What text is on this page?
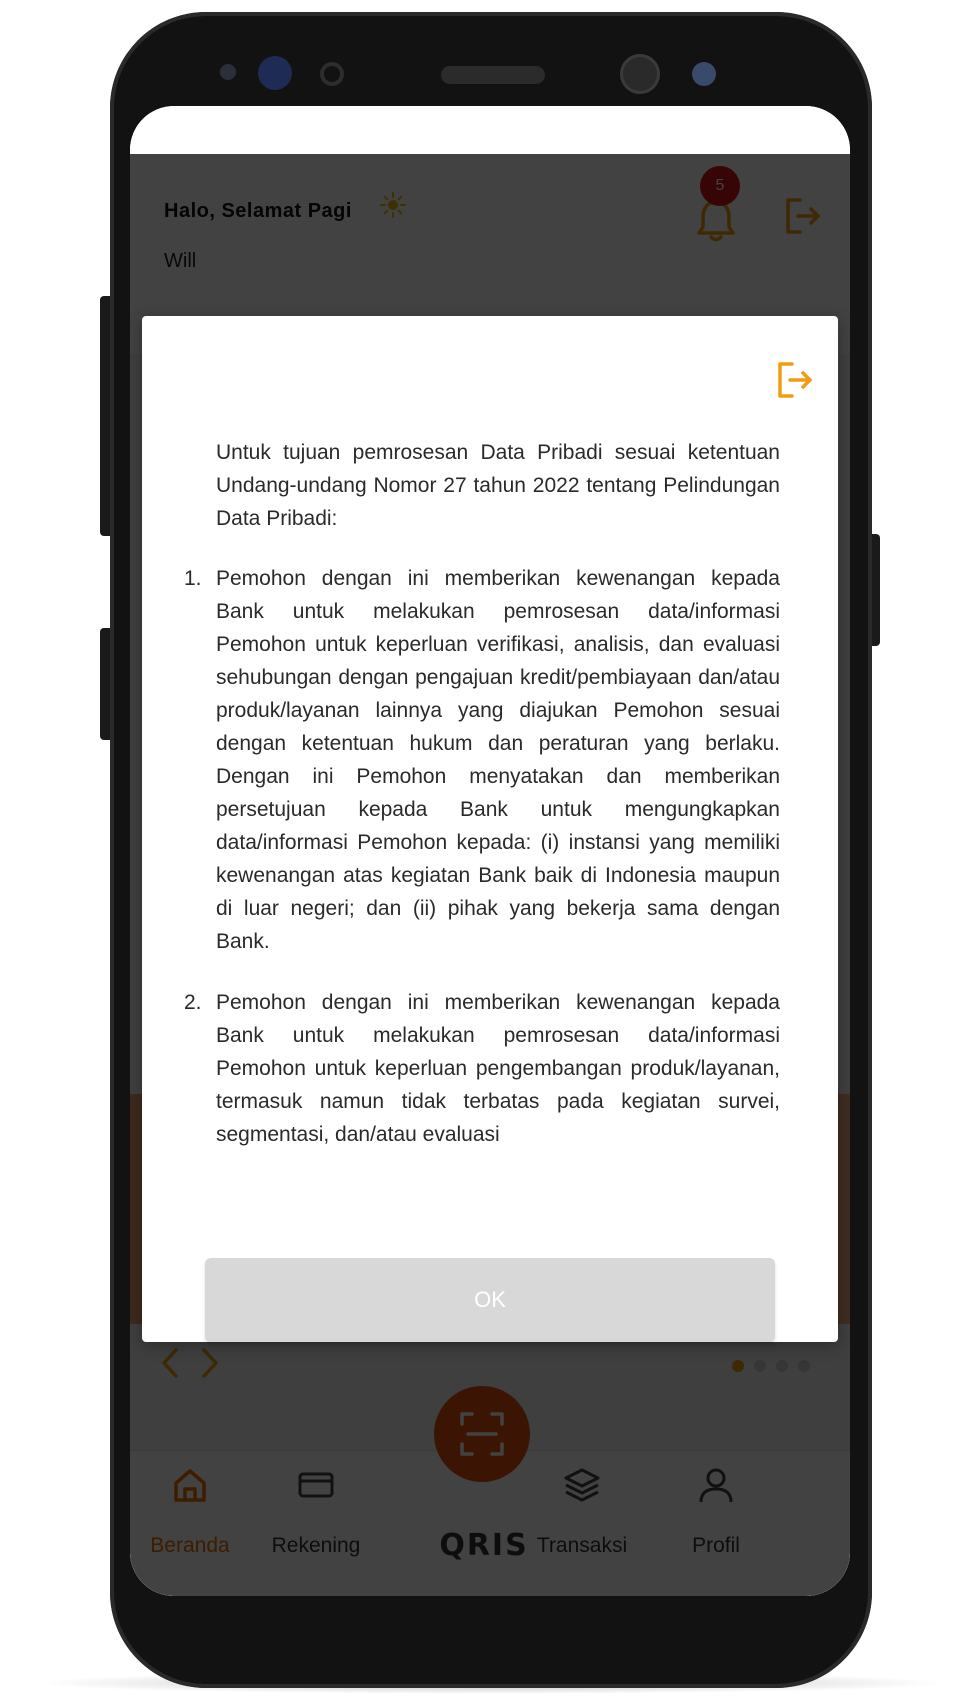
Untuk tujuan pemrosesan Data Pribadi sesuai ketentuan Undang-undang Nomor 27 tahun 2022 tentang Pelindungan Data Pribadi:

1. Pemohon dengan ini memberikan kewenangan kepada Bank untuk melakukan pemrosesan data/informasi Pemohon untuk keperluan verifikasi, analisis, dan evaluasi sehubungan dengan pengajuan kredit/pembiayaan dan/atau produk/layanan lainnya yang diajukan Pemohon sesuai dengan ketentuan hukum dan peraturan yang berlaku. Dengan ini Pemohon menyatakan dan memberikan persetujuan kepada Bank untuk mengungkapkan data/informasi Pemohon kepada: (i) instansi yang memiliki kewenangan atas kegiatan Bank baik di Indonesia maupun di luar negeri; dan (ii) pihak yang bekerja sama dengan Bank.
2. Pemohon dengan ini memberikan kewenangan kepada Bank untuk melakukan pemrosesan data/informasi Pemohon untuk keperluan pengembangan produk/layanan, termasuk namun tidak terbatas pada kegiatan survei, segmentasi, dan/atau evaluasi
OK
